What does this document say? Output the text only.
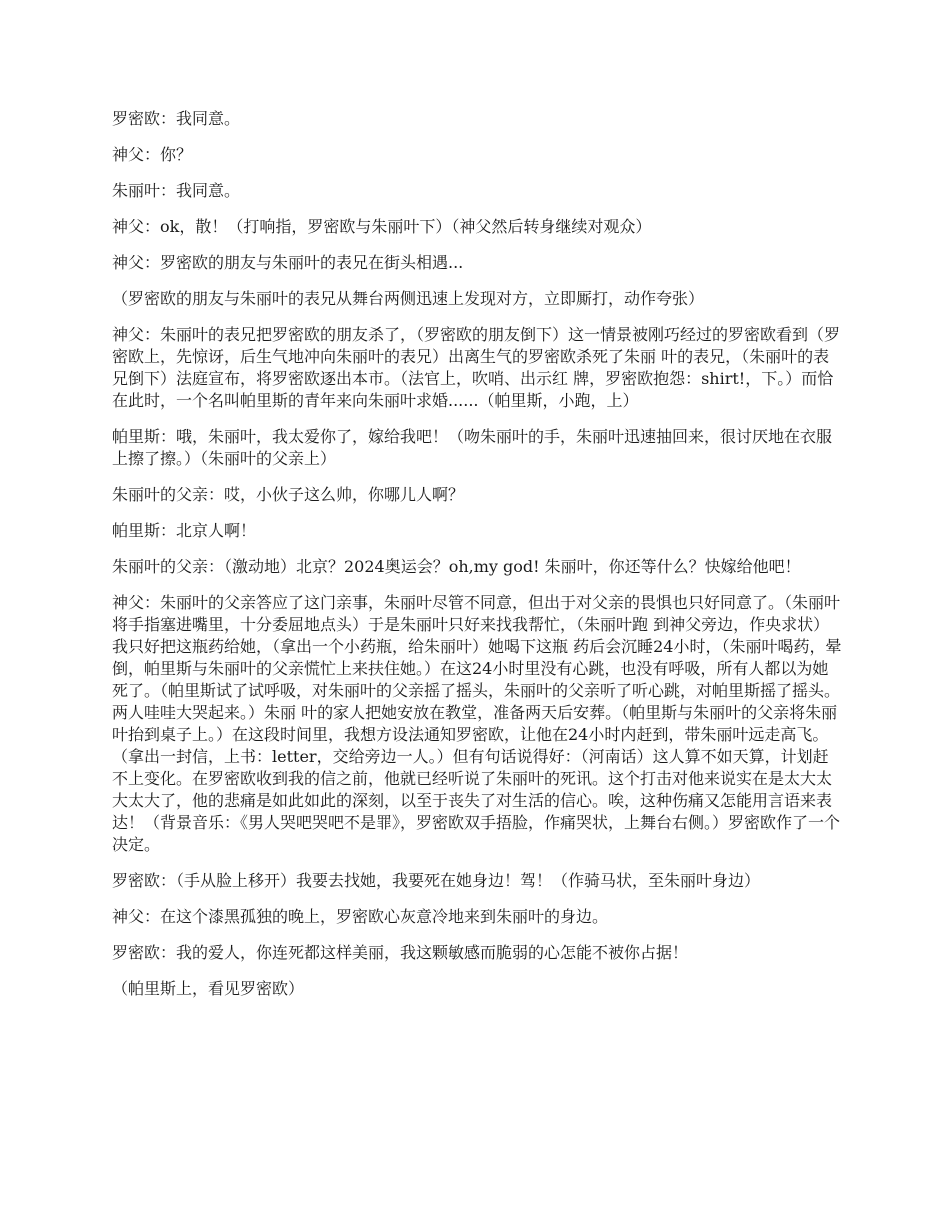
罗密欧：我同意。

神父：你？

朱丽叶：我同意。

神父：ok，散！（打响指，罗密欧与朱丽叶下）（神父然后转身继续对观众）

神父：罗密欧的朋友与朱丽叶的表兄在街头相遇...

（罗密欧的朋友与朱丽叶的表兄从舞台两侧迅速上发现对方，立即厮打，动作夸张）

神父：朱丽叶的表兄把罗密欧的朋友杀了，（罗密欧的朋友倒下）这一情景被刚巧经过的罗密欧看到（罗密欧上，先惊讶，后生气地冲向朱丽叶的表兄）出离生气的罗密欧杀死了朱丽 叶的表兄，（朱丽叶的表兄倒下）法庭宣布，将罗密欧逐出本市。（法官上，吹哨、出示红 牌，罗密欧抱怨：shirt!，下。）而恰在此时，一个名叫帕里斯的青年来向朱丽叶求婚......（帕里斯，小跑，上）

帕里斯：哦，朱丽叶，我太爱你了，嫁给我吧！（吻朱丽叶的手，朱丽叶迅速抽回来，很讨厌地在衣服上擦了擦。）（朱丽叶的父亲上）

朱丽叶的父亲：哎，小伙子这么帅，你哪儿人啊？

帕里斯：北京人啊！

朱丽叶的父亲：（激动地）北京？2024奥运会？oh,my god! 朱丽叶，你还等什么？快嫁给他吧！

神父：朱丽叶的父亲答应了这门亲事，朱丽叶尽管不同意，但出于对父亲的畏惧也只好同意了。（朱丽叶将手指塞进嘴里，十分委屈地点头）于是朱丽叶只好来找我帮忙，（朱丽叶跑 到神父旁边，作央求状）我只好把这瓶药给她，（拿出一个小药瓶，给朱丽叶）她喝下这瓶 药后会沉睡24小时，（朱丽叶喝药，晕倒，帕里斯与朱丽叶的父亲慌忙上来扶住她。）在这24小时里没有心跳，也没有呼吸，所有人都以为她死了。（帕里斯试了试呼吸，对朱丽叶的父亲摇了摇头，朱丽叶的父亲听了听心跳，对帕里斯摇了摇头。两人哇哇大哭起来。）朱丽 叶的家人把她安放在教堂，准备两天后安葬。（帕里斯与朱丽叶的父亲将朱丽叶抬到桌子上。）在这段时间里，我想方设法通知罗密欧，让他在24小时内赶到，带朱丽叶远走高飞。（拿出一封信，上书：letter，交给旁边一人。）但有句话说得好：（河南话）这人算不如天算，计划赶不上变化。在罗密欧收到我的信之前，他就已经听说了朱丽叶的死讯。这个打击对他来说实在是太大太大太大了，他的悲痛是如此如此的深刻，以至于丧失了对生活的信心。唉，这种伤痛又怎能用言语来表达！（背景音乐：《男人哭吧哭吧不是罪》，罗密欧双手捂脸，作痛哭状，上舞台右侧。）罗密欧作了一个决定。

罗密欧：（手从脸上移开）我要去找她，我要死在她身边！驾！（作骑马状，至朱丽叶身边）

神父：在这个漆黑孤独的晚上，罗密欧心灰意冷地来到朱丽叶的身边。

罗密欧：我的爱人，你连死都这样美丽，我这颗敏感而脆弱的心怎能不被你占据！

（帕里斯上，看见罗密欧）
